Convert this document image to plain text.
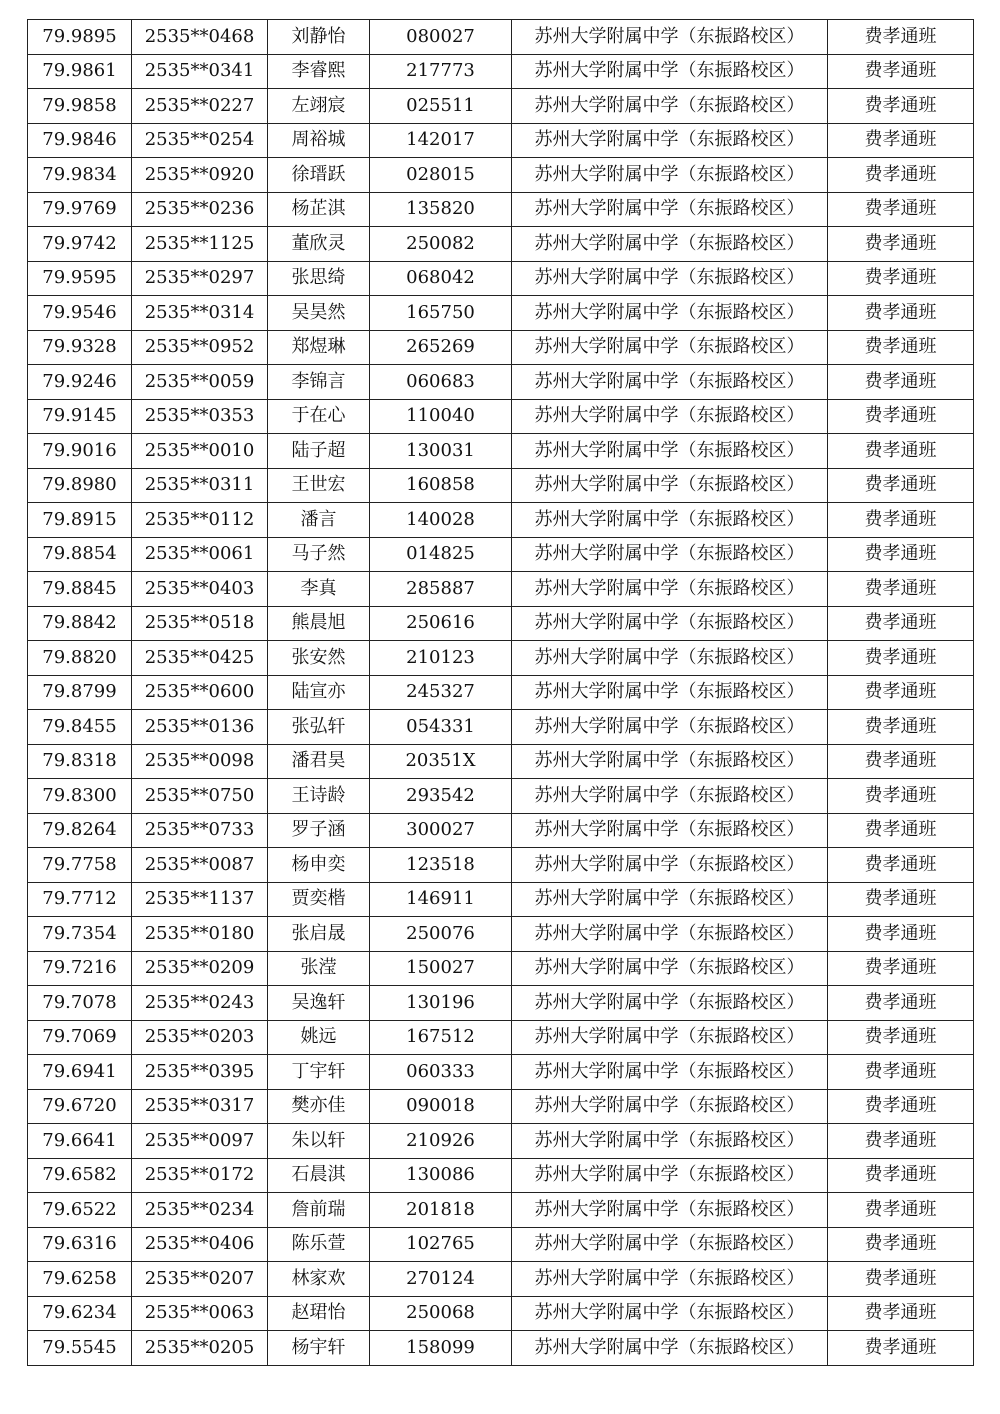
79.9895	2535**0468	刘静怡	080027	苏州大学附属中学（东振路校区）	费孝通班
79.9861	2535**0341	李睿熙	217773	苏州大学附属中学（东振路校区）	费孝通班
79.9858	2535**0227	左翊宸	025511	苏州大学附属中学（东振路校区）	费孝通班
79.9846	2535**0254	周裕城	142017	苏州大学附属中学（东振路校区）	费孝通班
79.9834	2535**0920	徐瑨跃	028015	苏州大学附属中学（东振路校区）	费孝通班
79.9769	2535**0236	杨芷淇	135820	苏州大学附属中学（东振路校区）	费孝通班
79.9742	2535**1125	董欣灵	250082	苏州大学附属中学（东振路校区）	费孝通班
79.9595	2535**0297	张思绮	068042	苏州大学附属中学（东振路校区）	费孝通班
79.9546	2535**0314	吴昊然	165750	苏州大学附属中学（东振路校区）	费孝通班
79.9328	2535**0952	郑煜琳	265269	苏州大学附属中学（东振路校区）	费孝通班
79.9246	2535**0059	李锦言	060683	苏州大学附属中学（东振路校区）	费孝通班
79.9145	2535**0353	于在心	110040	苏州大学附属中学（东振路校区）	费孝通班
79.9016	2535**0010	陆子超	130031	苏州大学附属中学（东振路校区）	费孝通班
79.8980	2535**0311	王世宏	160858	苏州大学附属中学（东振路校区）	费孝通班
79.8915	2535**0112	潘言	140028	苏州大学附属中学（东振路校区）	费孝通班
79.8854	2535**0061	马子然	014825	苏州大学附属中学（东振路校区）	费孝通班
79.8845	2535**0403	李真	285887	苏州大学附属中学（东振路校区）	费孝通班
79.8842	2535**0518	熊晨旭	250616	苏州大学附属中学（东振路校区）	费孝通班
79.8820	2535**0425	张安然	210123	苏州大学附属中学（东振路校区）	费孝通班
79.8799	2535**0600	陆宣亦	245327	苏州大学附属中学（东振路校区）	费孝通班
79.8455	2535**0136	张弘轩	054331	苏州大学附属中学（东振路校区）	费孝通班
79.8318	2535**0098	潘君昊	20351X	苏州大学附属中学（东振路校区）	费孝通班
79.8300	2535**0750	王诗龄	293542	苏州大学附属中学（东振路校区）	费孝通班
79.8264	2535**0733	罗子涵	300027	苏州大学附属中学（东振路校区）	费孝通班
79.7758	2535**0087	杨申奕	123518	苏州大学附属中学（东振路校区）	费孝通班
79.7712	2535**1137	贾奕楷	146911	苏州大学附属中学（东振路校区）	费孝通班
79.7354	2535**0180	张启晟	250076	苏州大学附属中学（东振路校区）	费孝通班
79.7216	2535**0209	张滢	150027	苏州大学附属中学（东振路校区）	费孝通班
79.7078	2535**0243	吴逸轩	130196	苏州大学附属中学（东振路校区）	费孝通班
79.7069	2535**0203	姚远	167512	苏州大学附属中学（东振路校区）	费孝通班
79.6941	2535**0395	丁宇轩	060333	苏州大学附属中学（东振路校区）	费孝通班
79.6720	2535**0317	樊亦佳	090018	苏州大学附属中学（东振路校区）	费孝通班
79.6641	2535**0097	朱以轩	210926	苏州大学附属中学（东振路校区）	费孝通班
79.6582	2535**0172	石晨淇	130086	苏州大学附属中学（东振路校区）	费孝通班
79.6522	2535**0234	詹前瑞	201818	苏州大学附属中学（东振路校区）	费孝通班
79.6316	2535**0406	陈乐萱	102765	苏州大学附属中学（东振路校区）	费孝通班
79.6258	2535**0207	林家欢	270124	苏州大学附属中学（东振路校区）	费孝通班
79.6234	2535**0063	赵珺怡	250068	苏州大学附属中学（东振路校区）	费孝通班
79.5545	2535**0205	杨宇轩	158099	苏州大学附属中学（东振路校区）	费孝通班
